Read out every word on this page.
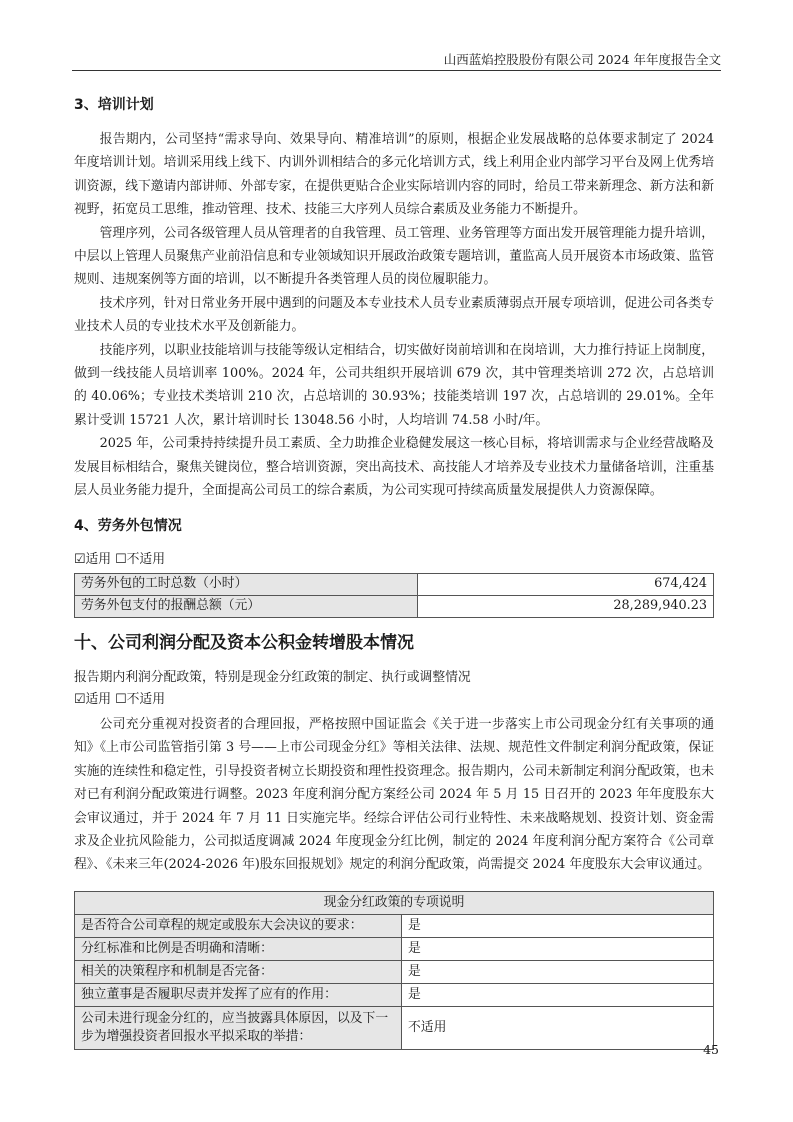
山西蓝焰控股股份有限公司 2024 年年度报告全文
3、培训计划

报告期内，公司坚持“需求导向、效果导向、精准培训”的原则，根据企业发展战略的总体要求制定了 2024 年度培训计划。培训采用线上线下、内训外训相结合的多元化培训方式，线上利用企业内部学习平台及网上优秀培训资源，线下邀请内部讲师、外部专家，在提供更贴合企业实际培训内容的同时，给员工带来新理念、新方法和新视野，拓宽员工思维，推动管理、技术、技能三大序列人员综合素质及业务能力不断提升。

管理序列，公司各级管理人员从管理者的自我管理、员工管理、业务管理等方面出发开展管理能力提升培训，中层以上管理人员聚焦产业前沿信息和专业领域知识开展政治政策专题培训，董监高人员开展资本市场政策、监管规则、违规案例等方面的培训，以不断提升各类管理人员的岗位履职能力。

技术序列，针对日常业务开展中遇到的问题及本专业技术人员专业素质薄弱点开展专项培训，促进公司各类专业技术人员的专业技术水平及创新能力。

技能序列，以职业技能培训与技能等级认定相结合，切实做好岗前培训和在岗培训，大力推行持证上岗制度，做到一线技能人员培训率 100%。2024 年，公司共组织开展培训 679 次，其中管理类培训 272 次，占总培训的 40.06%；专业技术类培训 210 次，占总培训的 30.93%；技能类培训 197 次，占总培训的 29.01%。全年累计受训 15721 人次，累计培训时长 13048.56 小时，人均培训 74.58 小时/年。

2025 年，公司秉持持续提升员工素质、全力助推企业稳健发展这一核心目标，将培训需求与企业经营战略及发展目标相结合，聚焦关键岗位，整合培训资源，突出高技术、高技能人才培养及专业技术力量储备培训，注重基层人员业务能力提升，全面提高公司员工的综合素质，为公司实现可持续高质量发展提供人力资源保障。

4、劳务外包情况
☑适用 ☐不适用
劳务外包的工时总数（小时）	674,424
劳务外包支付的报酬总额（元）	28,289,940.23
十、公司利润分配及资本公积金转增股本情况

报告期内利润分配政策，特别是现金分红政策的制定、执行或调整情况

☑适用 ☐不适用

公司充分重视对投资者的合理回报，严格按照中国证监会《关于进一步落实上市公司现金分红有关事项的通知》《上市公司监管指引第 3 号——上市公司现金分红》等相关法律、法规、规范性文件制定利润分配政策，保证实施的连续性和稳定性，引导投资者树立长期投资和理性投资理念。报告期内，公司未新制定利润分配政策，也未对已有利润分配政策进行调整。2023 年度利润分配方案经公司 2024 年 5 月 15 日召开的 2023 年年度股东大会审议通过，并于 2024 年 7 月 11 日实施完毕。经综合评估公司行业特性、未来战略规划、投资计划、资金需求及企业抗风险能力，公司拟适度调减 2024 年度现金分红比例，制定的 2024 年度利润分配方案符合《公司章程》、《未来三年(2024-2026 年)股东回报规划》规定的利润分配政策，尚需提交 2024 年度股东大会审议通过。

现金分红政策的专项说明	
是否符合公司章程的规定或股东大会决议的要求：	是
分红标准和比例是否明确和清晰：	是
相关的决策程序和机制是否完备：	是
独立董事是否履职尽责并发挥了应有的作用：	是
公司未进行现金分红的，应当披露具体原因，以及下一步为增强投资者回报水平拟采取的举措：	不适用
45
